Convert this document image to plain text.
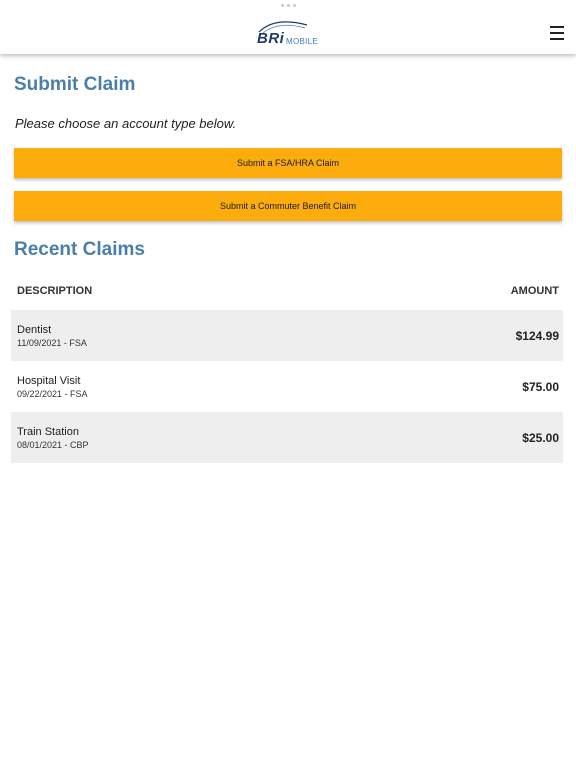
BRi MOBILE
Submit Claim

Please choose an account type below.

Submit a FSA/HRA Claim
Submit a Commuter Benefit Claim
Recent Claims
DESCRIPTION	AMOUNT
Dentist
11/09/2021 - FSA	$124.99
Hospital Visit
09/22/2021 - FSA	$75.00
Train Station
08/01/2021 - CBP	$25.00
